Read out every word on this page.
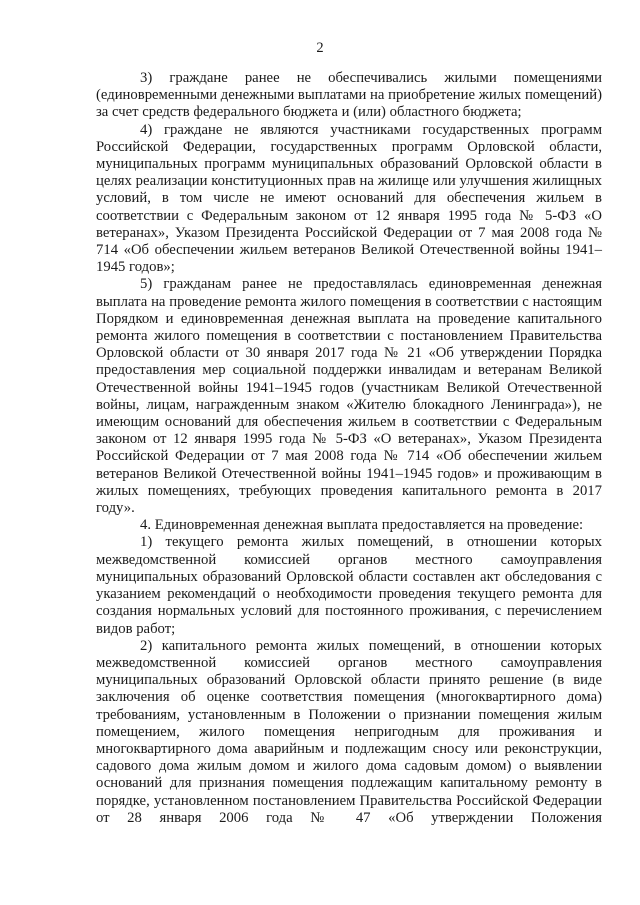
2

3) граждане ранее не обеспечивались жилыми помещениями (единовременными денежными выплатами на приобретение жилых помещений) за счет средств федерального бюджета и (или) областного бюджета;

4) граждане не являются участниками государственных программ Российской Федерации, государственных программ Орловской области, муниципальных программ муниципальных образований Орловской области в целях реализации конституционных прав на жилище или улучшения жилищных условий, в том числе не имеют оснований для обеспечения жильем в соответствии с Федеральным законом от 12 января 1995 года № 5-ФЗ «О ветеранах», Указом Президента Российской Федерации от 7 мая 2008 года № 714 «Об обеспечении жильем ветеранов Великой Отечественной войны 1941–1945 годов»;

5) гражданам ранее не предоставлялась единовременная денежная выплата на проведение ремонта жилого помещения в соответствии с настоящим Порядком и единовременная денежная выплата на проведение капитального ремонта жилого помещения в соответствии с постановлением Правительства Орловской области от 30 января 2017 года № 21 «Об утверждении Порядка предоставления мер социальной поддержки инвалидам и ветеранам Великой Отечественной войны 1941–1945 годов (участникам Великой Отечественной войны, лицам, награжденным знаком «Жителю блокадного Ленинграда»), не имеющим оснований для обеспечения жильем в соответствии с Федеральным законом от 12 января 1995 года № 5-ФЗ «О ветеранах», Указом Президента Российской Федерации от 7 мая 2008 года № 714 «Об обеспечении жильем ветеранов Великой Отечественной войны 1941–1945 годов» и проживающим в жилых помещениях, требующих проведения капитального ремонта в 2017 году».

4. Единовременная денежная выплата предоставляется на проведение:

1) текущего ремонта жилых помещений, в отношении которых межведомственной комиссией органов местного самоуправления муниципальных образований Орловской области составлен акт обследования с указанием рекомендаций о необходимости проведения текущего ремонта для создания нормальных условий для постоянного проживания, с перечислением видов работ;

2) капитального ремонта жилых помещений, в отношении которых межведомственной комиссией органов местного самоуправления муниципальных образований Орловской области принято решение (в виде заключения об оценке соответствия помещения (многоквартирного дома) требованиям, установленным в Положении о признании помещения жилым помещением, жилого помещения непригодным для проживания и многоквартирного дома аварийным и подлежащим сносу или реконструкции, садового дома жилым домом и жилого дома садовым домом) о выявлении оснований для признания помещения подлежащим капитальному ремонту в порядке, установленном постановлением Правительства Российской Федерации от 28 января 2006 года № 47 «Об утверждении Положения
